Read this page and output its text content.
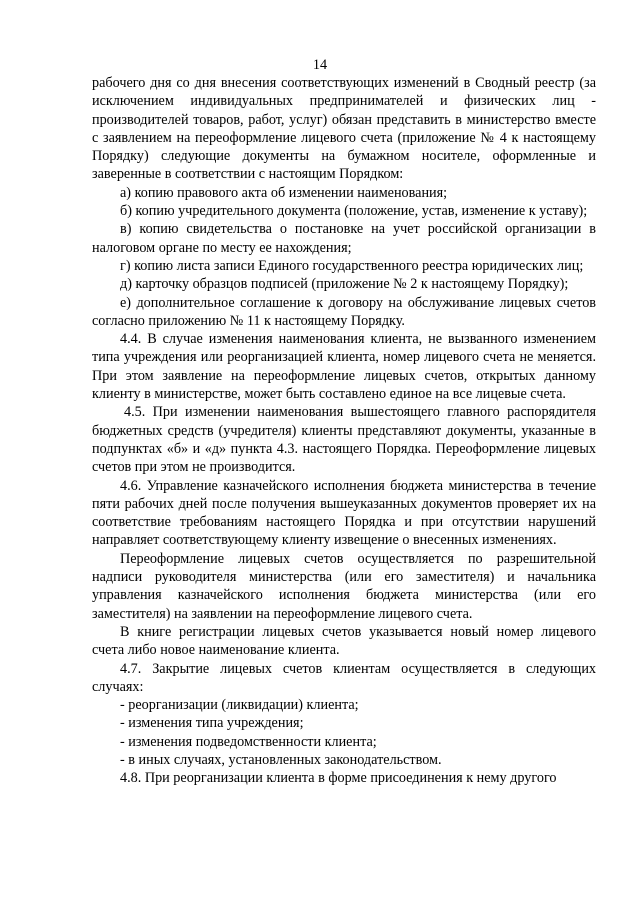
14

рабочего дня со дня внесения соответствующих изменений в Сводный реестр (за исключением индивидуальных предпринимателей и физических лиц - производителей товаров, работ, услуг) обязан представить в министерство вместе с заявлением на переоформление лицевого счета (приложение № 4 к настоящему Порядку) следующие документы на бумажном носителе, оформленные и заверенные в соответствии с настоящим Порядком:

а) копию правового акта об изменении наименования;

б) копию учредительного документа (положение, устав, изменение к уставу);

в) копию свидетельства о постановке на учет российской организации в налоговом органе по месту ее нахождения;

г) копию листа записи Единого государственного реестра юридических лиц;

д) карточку образцов подписей (приложение № 2 к настоящему Порядку);

е) дополнительное соглашение к договору на обслуживание лицевых счетов согласно приложению № 11 к настоящему Порядку.

4.4. В случае изменения наименования клиента, не вызванного изменением типа учреждения или реорганизацией клиента, номер лицевого счета не меняется. При этом заявление на переоформление лицевых счетов, открытых данному клиенту в министерстве, может быть составлено единое на все лицевые счета.

4.5. При изменении наименования вышестоящего главного распорядителя бюджетных средств (учредителя) клиенты представляют документы, указанные в подпунктах «б» и «д» пункта 4.3. настоящего Порядка. Переоформление лицевых счетов при этом не производится.

4.6. Управление казначейского исполнения бюджета министерства в течение пяти рабочих дней после получения вышеуказанных документов проверяет их на соответствие требованиям настоящего Порядка и при отсутствии нарушений направляет соответствующему клиенту извещение о внесенных изменениях.

Переоформление лицевых счетов осуществляется по разрешительной надписи руководителя министерства (или его заместителя) и начальника управления казначейского исполнения бюджета министерства (или его заместителя) на заявлении на переоформление лицевого счета.

В книге регистрации лицевых счетов указывается новый номер лицевого счета либо новое наименование клиента.

4.7. Закрытие лицевых счетов клиентам осуществляется в следующих случаях:

- реорганизации (ликвидации) клиента;

- изменения типа учреждения;

- изменения подведомственности клиента;

- в иных случаях, установленных законодательством.

4.8. При реорганизации клиента в форме присоединения к нему другого
